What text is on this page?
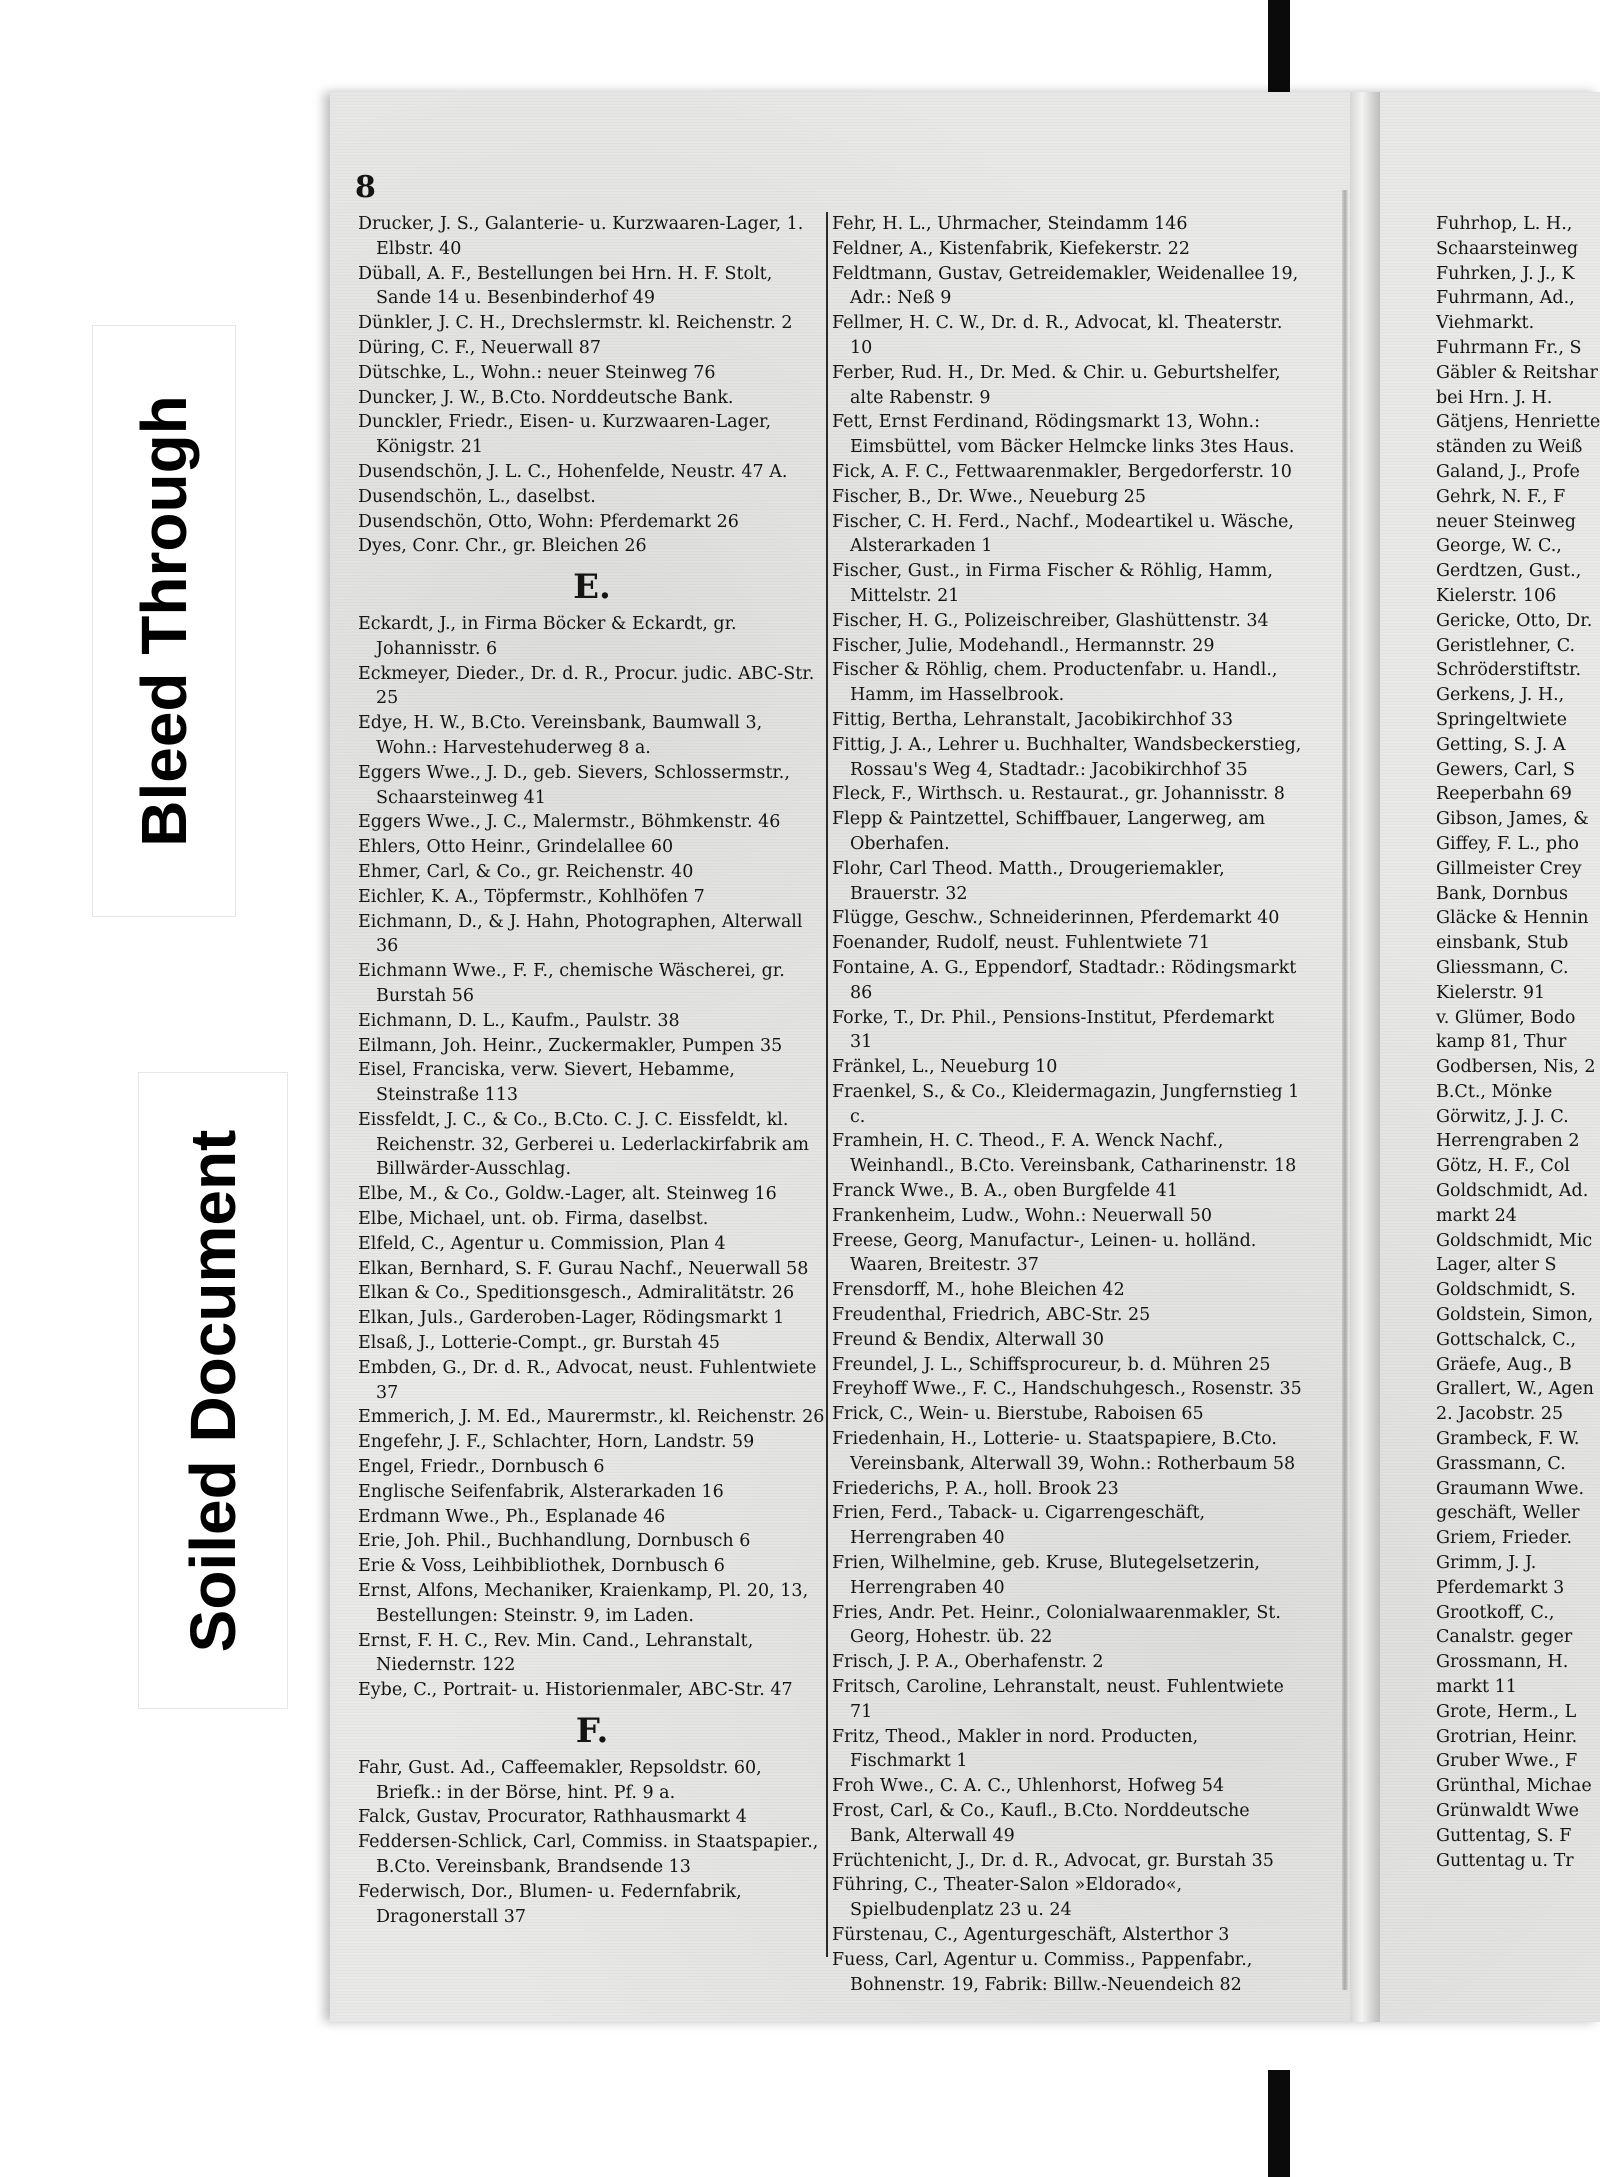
Bleed Through
Soiled Document
8

Drucker, J. S., Galanterie- u. Kurzwaaren-Lager, 1. Elbstr. 40

Düball, A. F., Bestellungen bei Hrn. H. F. Stolt, Sande 14 u. Besenbinderhof 49

Dünkler, J. C. H., Drechslermstr. kl. Reichenstr. 2

Düring, C. F., Neuerwall 87

Dütschke, L., Wohn.: neuer Steinweg 76

Duncker, J. W., B.Cto. Norddeutsche Bank.

Dunckler, Friedr., Eisen- u. Kurzwaaren-Lager, Königstr. 21

Dusendschön, J. L. C., Hohenfelde, Neustr. 47 A.

Dusendschön, L., daselbst.

Dusendschön, Otto, Wohn: Pferdemarkt 26

Dyes, Conr. Chr., gr. Bleichen 26

E.

Eckardt, J., in Firma Böcker & Eckardt, gr. Johannisstr. 6

Eckmeyer, Dieder., Dr. d. R., Procur. judic. ABC-Str. 25

Edye, H. W., B.Cto. Vereinsbank, Baumwall 3, Wohn.: Harvestehuderweg 8 a.

Eggers Wwe., J. D., geb. Sievers, Schlossermstr., Schaarsteinweg 41

Eggers Wwe., J. C., Malermstr., Böhmkenstr. 46

Ehlers, Otto Heinr., Grindelallee 60

Ehmer, Carl, & Co., gr. Reichenstr. 40

Eichler, K. A., Töpfermstr., Kohlhöfen 7

Eichmann, D., & J. Hahn, Photographen, Alterwall 36

Eichmann Wwe., F. F., chemische Wäscherei, gr. Burstah 56

Eichmann, D. L., Kaufm., Paulstr. 38

Eilmann, Joh. Heinr., Zuckermakler, Pumpen 35

Eisel, Franciska, verw. Sievert, Hebamme, Steinstraße 113

Eissfeldt, J. C., & Co., B.Cto. C. J. C. Eissfeldt, kl. Reichenstr. 32, Gerberei u. Lederlackirfabrik am Billwärder-Ausschlag.

Elbe, M., & Co., Goldw.-Lager, alt. Steinweg 16

Elbe, Michael, unt. ob. Firma, daselbst.

Elfeld, C., Agentur u. Commission, Plan 4

Elkan, Bernhard, S. F. Gurau Nachf., Neuerwall 58

Elkan & Co., Speditionsgesch., Admiralitätstr. 26

Elkan, Juls., Garderoben-Lager, Rödingsmarkt 1

Elsaß, J., Lotterie-Compt., gr. Burstah 45

Embden, G., Dr. d. R., Advocat, neust. Fuhlentwiete 37

Emmerich, J. M. Ed., Maurermstr., kl. Reichenstr. 26

Engefehr, J. F., Schlachter, Horn, Landstr. 59

Engel, Friedr., Dornbusch 6

Englische Seifenfabrik, Alsterarkaden 16

Erdmann Wwe., Ph., Esplanade 46

Erie, Joh. Phil., Buchhandlung, Dornbusch 6

Erie & Voss, Leihbibliothek, Dornbusch 6

Ernst, Alfons, Mechaniker, Kraienkamp, Pl. 20, 13, Bestellungen: Steinstr. 9, im Laden.

Ernst, F. H. C., Rev. Min. Cand., Lehranstalt, Niedernstr. 122

Eybe, C., Portrait- u. Historienmaler, ABC-Str. 47

F.

Fahr, Gust. Ad., Caffeemakler, Repsoldstr. 60, Briefk.: in der Börse, hint. Pf. 9 a.

Falck, Gustav, Procurator, Rathhausmarkt 4

Feddersen-Schlick, Carl, Commiss. in Staatspapier., B.Cto. Vereinsbank, Brandsende 13

Federwisch, Dor., Blumen- u. Federnfabrik, Dragonerstall 37

Fehr, H. L., Uhrmacher, Steindamm 146

Feldner, A., Kistenfabrik, Kiefekerstr. 22

Feldtmann, Gustav, Getreidemakler, Weidenallee 19, Adr.: Neß 9

Fellmer, H. C. W., Dr. d. R., Advocat, kl. Theaterstr. 10

Ferber, Rud. H., Dr. Med. & Chir. u. Geburtshelfer, alte Rabenstr. 9

Fett, Ernst Ferdinand, Rödingsmarkt 13, Wohn.: Eimsbüttel, vom Bäcker Helmcke links 3tes Haus.

Fick, A. F. C., Fettwaarenmakler, Bergedorferstr. 10

Fischer, B., Dr. Wwe., Neueburg 25

Fischer, C. H. Ferd., Nachf., Modeartikel u. Wäsche, Alsterarkaden 1

Fischer, Gust., in Firma Fischer & Röhlig, Hamm, Mittelstr. 21

Fischer, H. G., Polizeischreiber, Glashüttenstr. 34

Fischer, Julie, Modehandl., Hermannstr. 29

Fischer & Röhlig, chem. Productenfabr. u. Handl., Hamm, im Hasselbrook.

Fittig, Bertha, Lehranstalt, Jacobikirchhof 33

Fittig, J. A., Lehrer u. Buchhalter, Wandsbeckerstieg, Rossau's Weg 4, Stadtadr.: Jacobikirchhof 35

Fleck, F., Wirthsch. u. Restaurat., gr. Johannisstr. 8

Flepp & Paintzettel, Schiffbauer, Langerweg, am Oberhafen.

Flohr, Carl Theod. Matth., Drougeriemakler, Brauerstr. 32

Flügge, Geschw., Schneiderinnen, Pferdemarkt 40

Foenander, Rudolf, neust. Fuhlentwiete 71

Fontaine, A. G., Eppendorf, Stadtadr.: Rödingsmarkt 86

Forke, T., Dr. Phil., Pensions-Institut, Pferdemarkt 31

Fränkel, L., Neueburg 10

Fraenkel, S., & Co., Kleidermagazin, Jungfernstieg 1 c.

Framhein, H. C. Theod., F. A. Wenck Nachf., Weinhandl., B.Cto. Vereinsbank, Catharinenstr. 18

Franck Wwe., B. A., oben Burgfelde 41

Frankenheim, Ludw., Wohn.: Neuerwall 50

Freese, Georg, Manufactur-, Leinen- u. holländ. Waaren, Breitestr. 37

Frensdorff, M., hohe Bleichen 42

Freudenthal, Friedrich, ABC-Str. 25

Freund & Bendix, Alterwall 30

Freundel, J. L., Schiffsprocureur, b. d. Mühren 25

Freyhoff Wwe., F. C., Handschuhgesch., Rosenstr. 35

Frick, C., Wein- u. Bierstube, Raboisen 65

Friedenhain, H., Lotterie- u. Staatspapiere, B.Cto. Vereinsbank, Alterwall 39, Wohn.: Rotherbaum 58

Friederichs, P. A., holl. Brook 23

Frien, Ferd., Taback- u. Cigarrengeschäft, Herrengraben 40

Frien, Wilhelmine, geb. Kruse, Blutegelsetzerin, Herrengraben 40

Fries, Andr. Pet. Heinr., Colonialwaarenmakler, St. Georg, Hohestr. üb. 22

Frisch, J. P. A., Oberhafenstr. 2

Fritsch, Caroline, Lehranstalt, neust. Fuhlentwiete 71

Fritz, Theod., Makler in nord. Producten, Fischmarkt 1

Froh Wwe., C. A. C., Uhlenhorst, Hofweg 54

Frost, Carl, & Co., Kaufl., B.Cto. Norddeutsche Bank, Alterwall 49

Früchtenicht, J., Dr. d. R., Advocat, gr. Burstah 35

Führing, C., Theater-Salon »Eldorado«, Spielbudenplatz 23 u. 24

Fürstenau, C., Agenturgeschäft, Alsterthor 3

Fuess, Carl, Agentur u. Commiss., Pappenfabr., Bohnenstr. 19, Fabrik: Billw.-Neuendeich 82

Fuhrhop, L. H.,

Schaarsteinweg

Fuhrken, J. J., K

Fuhrmann, Ad.,

Viehmarkt.

Fuhrmann Fr., S

Gäbler & Reitshar

bei Hrn. J. H.

Gätjens, Henriette

ständen zu Weiß

Galand, J., Profe

Gehrk, N. F., F

neuer Steinweg

George, W. C.,

Gerdtzen, Gust.,

Kielerstr. 106

Gericke, Otto, Dr.

Geristlehner, C.

Schröderstiftstr.

Gerkens, J. H.,

Springeltwiete

Getting, S. J. A

Gewers, Carl, S

Reeperbahn 69

Gibson, James, &

Giffey, F. L., pho

Gillmeister Crey

Bank, Dornbus

Gläcke & Hennin

einsbank, Stub

Gliessmann, C.

Kielerstr. 91

v. Glümer, Bodo

kamp 81, Thur

Godbersen, Nis, 2

B.Ct., Mönke

Görwitz, J. J. C.

Herrengraben 2

Götz, H. F., Col

Goldschmidt, Ad.

markt 24

Goldschmidt, Mic

Lager, alter S

Goldschmidt, S.

Goldstein, Simon,

Gottschalck, C.,

Gräefe, Aug., B

Grallert, W., Agen

2. Jacobstr. 25

Grambeck, F. W.

Grassmann, C.

Graumann Wwe.

geschäft, Weller

Griem, Frieder.

Grimm, J. J.

Pferdemarkt 3

Grootkoff, C.,

Canalstr. geger

Grossmann, H.

markt 11

Grote, Herm., L

Grotrian, Heinr.

Gruber Wwe., F

Grünthal, Michae

Grünwaldt Wwe

Guttentag, S. F

Guttentag u. Tr
